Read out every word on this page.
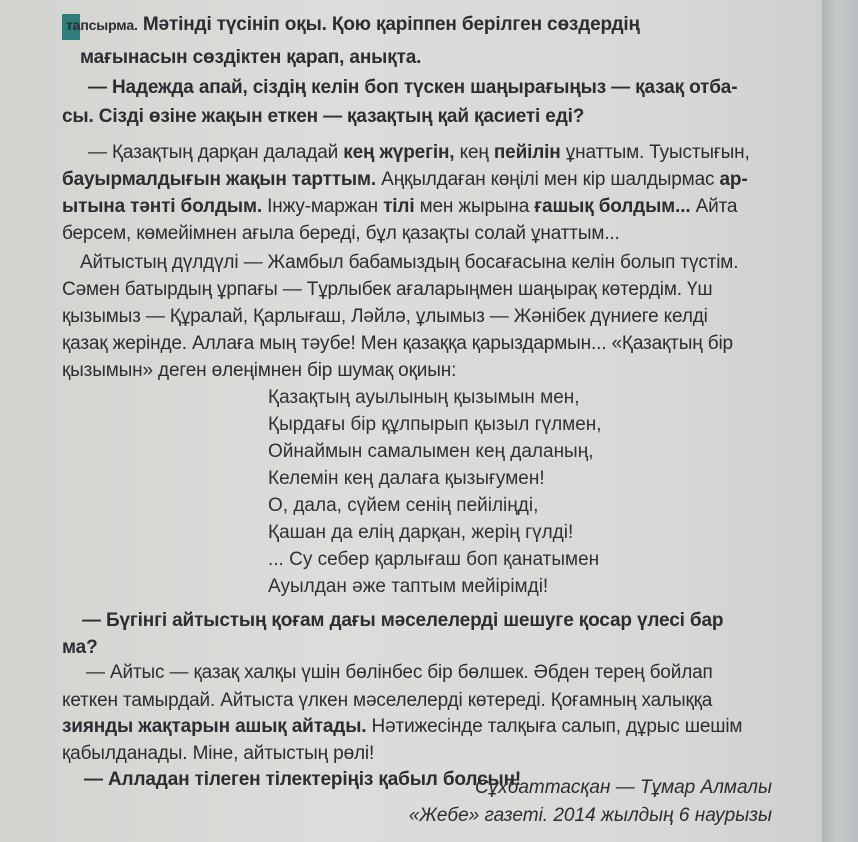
тапсырма. Мәтінді түсініп оқы. Қою қаріппен берілген сөздердің
мағынасын сөздіктен қарап, анықта.
— Надежда апай, сіздің келін боп түскен шаңырағыңыз — қазақ отба-
сы. Сізді өзіне жақын еткен — қазақтың қай қасиеті еді?
— Қазақтың дарқан даладай кең жүрегін, кең пейілін ұнаттым. Туыстығын,
бауырмалдығын жақын тарттым. Аңқылдаған көңілі мен кір шалдырмас ар-
ытына тәнті болдым. Інжу-маржан тілі мен жырына ғашық болдым... Айта
берсем, көмейімнен ағыла береді, бұл қазақты солай ұнаттым...
Айтыстың дүлдүлі — Жамбыл бабамыздың босағасына келін болып түстім.
Сәмен батырдың ұрпағы — Тұрлыбек ағаларыңмен шаңырақ көтердім. Үш
қызымыз — Құралай, Қарлығаш, Ләйлә, ұлымыз — Жәнібек дүниеге келді
қазақ жерінде. Аллаға мың тәубе! Мен қазаққа қарыздармын... «Қазақтың бір
қызымын» деген өлеңімнен бір шумақ оқиын:
Қазақтың ауылының қызымын мен,
Қырдағы бір құлпырып қызыл гүлмен,
Ойнаймын самалымен кең даланың,
Келемін кең далаға қызығумен!
О, дала, сүйем сенің пейіліңді,
Қашан да елің дарқан, жерің гүлді!
... Су себер қарлығаш боп қанатымен
Ауылдан әже таптым мейірімді!
— Бүгінгі айтыстың қоғам дағы мәселелерді шешуге қосар үлесі бар
ма?
— Айтыс — қазақ халқы үшін бөлінбес бір бөлшек. Әбден терең бойлап
кеткен тамырдай. Айтыста үлкен мәселелерді көтереді. Қоғамның халыққа
зиянды жақтарын ашық айтады. Нәтижесінде талқыға салып, дұрыс шешім
қабылданады. Міне, айтыстың рөлі!
— Алладан тілеген тілектеріңіз қабыл болсын!
Сұхбаттасқан — Тұмар Алмалы
«Жебе» газеті. 2014 жылдың 6 наурызы
